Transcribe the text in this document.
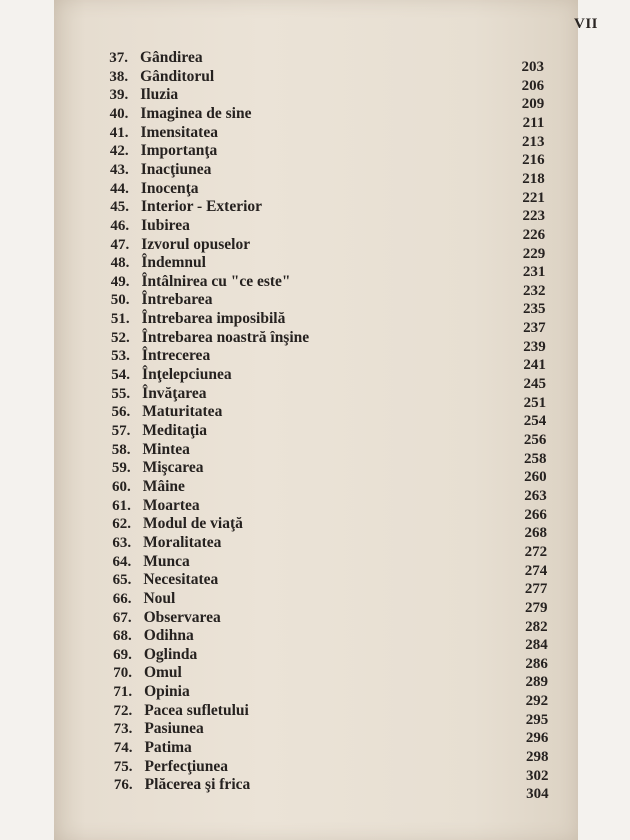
VII
37. Gândirea
203
38. Gânditorul
206
39. Iluzia
209
40. Imaginea de sine
211
41. Imensitatea
213
42. Importanţa
216
43. Inacţiunea
218
44. Inocenţa
221
45. Interior - Exterior
223
46. Iubirea
226
47. Izvorul opuselor
229
48. Îndemnul
231
49. Întâlnirea cu "ce este"
232
50. Întrebarea
235
51. Întrebarea imposibilă
237
52. Întrebarea noastră înşine
239
53. Întrecerea
241
54. Înţelepciunea
245
55. Învăţarea
251
56. Maturitatea
254
57. Meditaţia
256
58. Mintea
258
59. Mişcarea
260
60. Mâine
263
61. Moartea
266
62. Modul de viaţă
268
63. Moralitatea
272
64. Munca
274
65. Necesitatea
277
66. Noul
279
67. Observarea
282
68. Odihna
284
69. Oglinda
286
70. Omul
289
71. Opinia
292
72. Pacea sufletului
295
73. Pasiunea
296
74. Patima
298
75. Perfecţiunea
302
76. Plăcerea şi frica
304
